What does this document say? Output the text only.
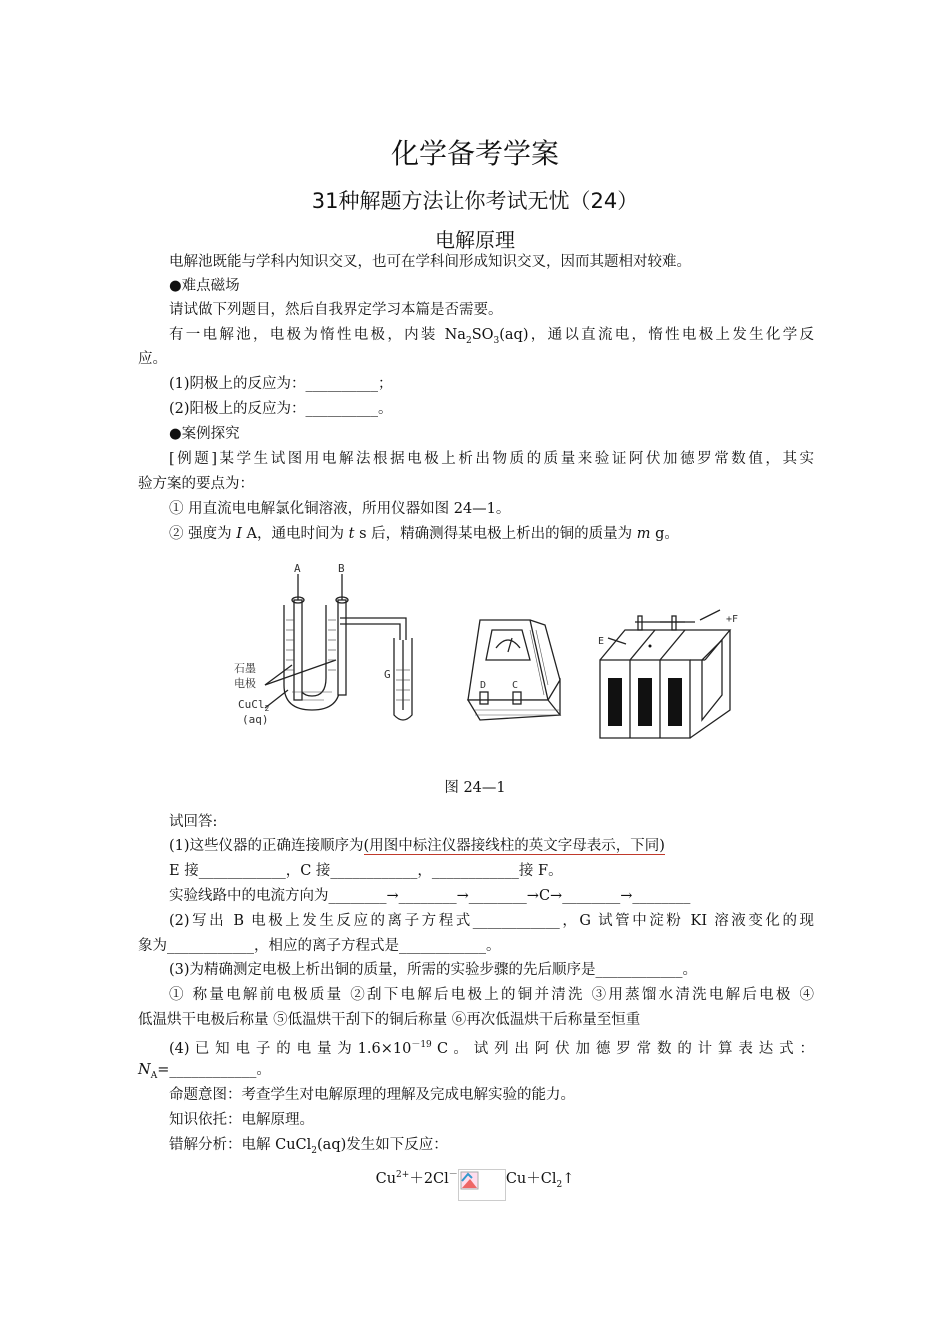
化学备考学案
31种解题方法让你考试无忧（24）
电解原理
电解池既能与学科内知识交叉，也可在学科间形成知识交叉，因而其题相对较难。
●难点磁场
请试做下列题目，然后自我界定学习本篇是否需要。
有一电解池，电极为惰性电极，内装 $Na_2SO_3(aq)$，通以直流电，惰性电极上发生化学反
应。
(1)阴极上的反应为：__________；
(2)阳极上的反应为：__________。
●案例探究
[例题]某学生试图用电解法根据电极上析出物质的质量来验证阿伏加德罗常数值，其实
验方案的要点为：
① 用直流电电解氯化铜溶液，所用仪器如图 24—1。
② 强度为 I A，通电时间为 t s 后，精确测得某电极上析出的铜的质量为 m g。
A	B
G
石墨
电极
CuCl$_2$
(aq)
D	C
E
+F
图 24—1
试回答:
(1)这些仪器的正确连接顺序为(用图中标注仪器接线柱的英文字母表示，下同)
E 接____________，C 接____________，____________接 F。
实验线路中的电流方向为________→________→________→C→________→________
(2)写出 B 电极上发生反应的离子方程式____________，G 试管中淀粉 KI 溶液变化的现
象为____________，相应的离子方程式是____________。
(3)为精确测定电极上析出铜的质量，所需的实验步骤的先后顺序是____________。
① 称量电解前电极质量 ②刮下电解后电极上的铜并清洗 ③用蒸馏水清洗电解后电极 ④
低温烘干电极后称量 ⑤低温烘干刮下的铜后称量 ⑥再次低温烘干后称量至恒重
(4) 已 知 电 子 的 电 量 为 $1.6\times 10^{-19}$ C 。 试 列 出 阿 伏 加 德 罗 常 数 的 计 算 表 达 式 ：
$N_A=\_\_\_\_\_\_\_\_\_\_\_\_$。
命题意图：考查学生对电解原理的理解及完成电解实验的能力。
知识依托：电解原理。
错解分析：电解 CuCl$_2$(aq)发生如下反应：
$Cu^{2+}+2Cl^-$	$Cu+Cl_2↑$
